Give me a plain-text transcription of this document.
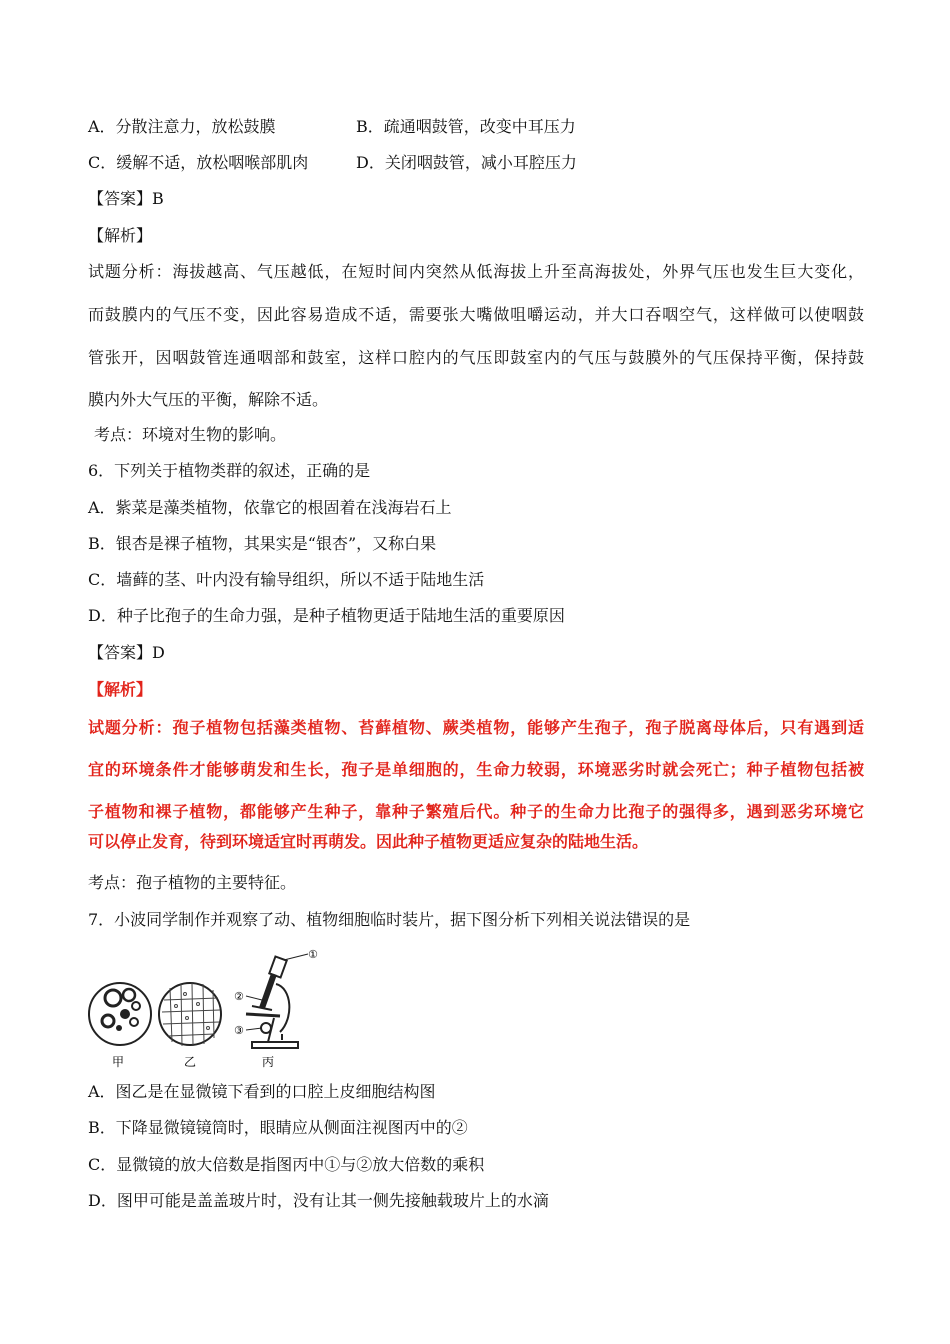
A．分散注意力，放松鼓膜	B．疏通咽鼓管，改变中耳压力
C．缓解不适，放松咽喉部肌肉	D．关闭咽鼓管，减小耳腔压力
【答案】B
【解析】
试题分析：海拔越高、气压越低，在短时间内突然从低海拔上升至高海拔处，外界气压也发生巨大变化，
而鼓膜内的气压不变，因此容易造成不适，需要张大嘴做咀嚼运动，并大口吞咽空气，这样做可以使咽鼓
管张开，因咽鼓管连通咽部和鼓室，这样口腔内的气压即鼓室内的气压与鼓膜外的气压保持平衡，保持鼓
膜内外大气压的平衡，解除不适。
考点：环境对生物的影响。
6．下列关于植物类群的叙述，正确的是
A．紫菜是藻类植物，依靠它的根固着在浅海岩石上
B．银杏是裸子植物，其果实是“银杏”，又称白果
C．墙藓的茎、叶内没有输导组织，所以不适于陆地生活
D．种子比孢子的生命力强，是种子植物更适于陆地生活的重要原因
【答案】D
【解析】
试题分析：孢子植物包括藻类植物、苔藓植物、蕨类植物，能够产生孢子，孢子脱离母体后，只有遇到适
宜的环境条件才能够萌发和生长，孢子是单细胞的，生命力较弱，环境恶劣时就会死亡；种子植物包括被
子植物和裸子植物，都能够产生种子，靠种子繁殖后代。种子的生命力比孢子的强得多，遇到恶劣环境它
可以停止发育，待到环境适宜时再萌发。因此种子植物更适应复杂的陆地生活。
考点：孢子植物的主要特征。
7．小波同学制作并观察了动、植物细胞临时装片，据下图分析下列相关说法错误的是
①
②
③
甲	乙	丙
A．图乙是在显微镜下看到的口腔上皮细胞结构图
B．下降显微镜镜筒时，眼睛应从侧面注视图丙中的②
C．显微镜的放大倍数是指图丙中①与②放大倍数的乘积
D．图甲可能是盖盖玻片时，没有让其一侧先接触载玻片上的水滴
